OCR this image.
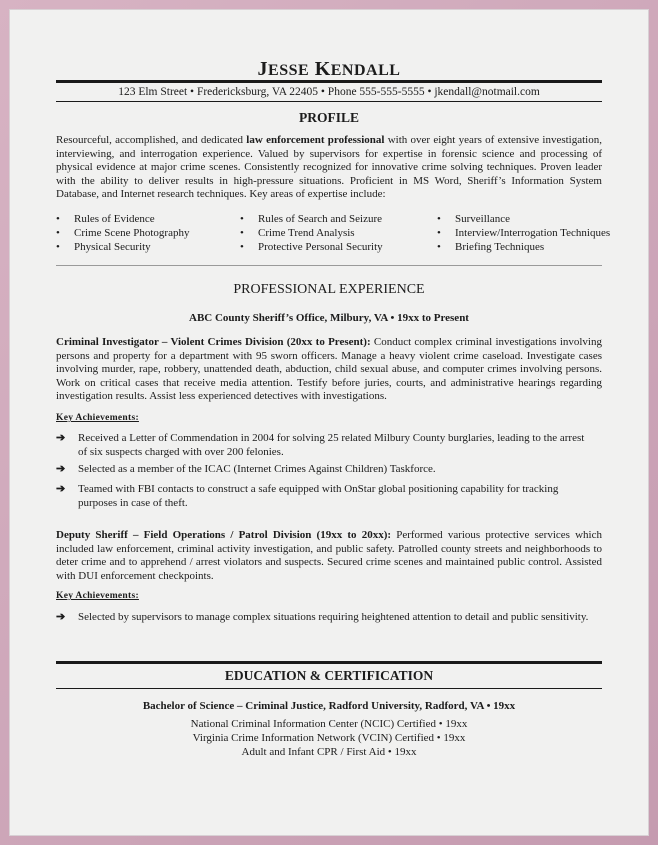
JESSE KENDALL
123 Elm Street • Fredericksburg, VA 22405 • Phone 555-555-5555 • jkendall@notmail.com
PROFILE
Resourceful, accomplished, and dedicated law enforcement professional with over eight years of extensive investigation, interviewing, and interrogation experience. Valued by supervisors for expertise in forensic science and processing of physical evidence at major crime scenes. Consistently recognized for innovative crime solving techniques. Proven leader with the ability to deliver results in high-pressure situations. Proficient in MS Word, Sheriff’s Information System Database, and Internet research techniques. Key areas of expertise include:
• Rules of Evidence
• Crime Scene Photography
• Physical Security
• Rules of Search and Seizure
• Crime Trend Analysis
• Protective Personal Security
• Surveillance
• Interview/Interrogation Techniques
• Briefing Techniques
PROFESSIONAL EXPERIENCE
ABC County Sheriff’s Office, Milbury, VA • 19xx to Present
Criminal Investigator – Violent Crimes Division (20xx to Present): Conduct complex criminal investigations involving persons and property for a department with 95 sworn officers. Manage a heavy violent crime caseload. Investigate cases involving murder, rape, robbery, unattended death, abduction, child sexual abuse, and computer crimes involving persons. Work on critical cases that receive media attention. Testify before juries, courts, and administrative hearings regarding investigation results. Assist less experienced detectives with investigations.
Key Achievements:
➔ Received a Letter of Commendation in 2004 for solving 25 related Milbury County burglaries, leading to the arrest of six suspects charged with over 200 felonies.
➔ Selected as a member of the ICAC (Internet Crimes Against Children) Taskforce.
➔ Teamed with FBI contacts to construct a safe equipped with OnStar global positioning capability for tracking purposes in case of theft.
Deputy Sheriff – Field Operations / Patrol Division (19xx to 20xx): Performed various protective services which included law enforcement, criminal activity investigation, and public safety. Patrolled county streets and neighborhoods to deter crime and to apprehend / arrest violators and suspects. Secured crime scenes and maintained public control. Assisted with DUI enforcement checkpoints.
Key Achievements:
➔ Selected by supervisors to manage complex situations requiring heightened attention to detail and public sensitivity.
EDUCATION & CERTIFICATION
Bachelor of Science – Criminal Justice, Radford University, Radford, VA • 19xx
National Criminal Information Center (NCIC) Certified • 19xx
Virginia Crime Information Network (VCIN) Certified • 19xx
Adult and Infant CPR / First Aid • 19xx
